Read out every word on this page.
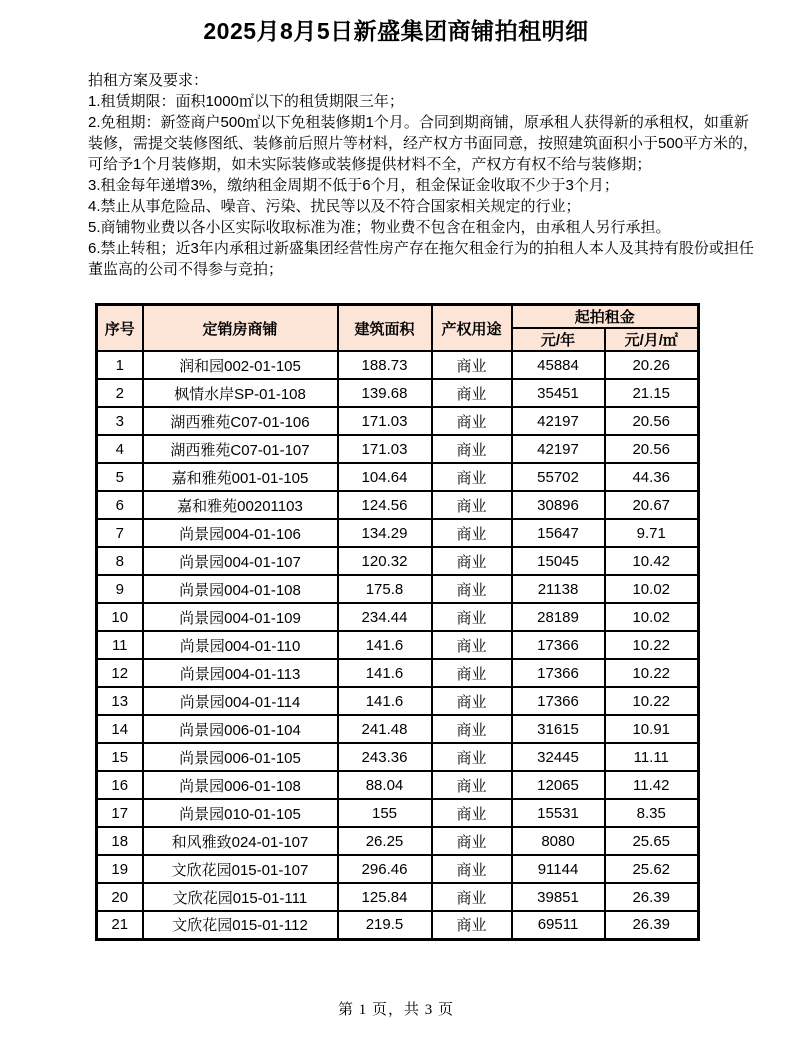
2025月8月5日新盛集团商铺拍租明细
拍租方案及要求：
1.租赁期限：面积1000㎡以下的租赁期限三年；
2.免租期：新签商户500㎡以下免租装修期1个月。合同到期商铺，原承租人获得新的承租权，如重新
装修，需提交装修图纸、装修前后照片等材料，经产权方书面同意，按照建筑面积小于500平方米的，
可给予1个月装修期，如未实际装修或装修提供材料不全，产权方有权不给与装修期；
3.租金每年递增3%，缴纳租金周期不低于6个月，租金保证金收取不少于3个月；
4.禁止从事危险品、噪音、污染、扰民等以及不符合国家相关规定的行业；
5.商铺物业费以各小区实际收取标准为准；物业费不包含在租金内，由承租人另行承担。
6.禁止转租；近3年内承租过新盛集团经营性房产存在拖欠租金行为的拍租人本人及其持有股份或担任
董监高的公司不得参与竞拍；
序号	定销房商铺	建筑面积	产权用途	起拍租金	
				元/年	元/月/㎡
1	润和园002-01-105	188.73	商业	45884	20.26
2	枫情水岸SP-01-108	139.68	商业	35451	21.15
3	湖西雅苑C07-01-106	171.03	商业	42197	20.56
4	湖西雅苑C07-01-107	171.03	商业	42197	20.56
5	嘉和雅苑001-01-105	104.64	商业	55702	44.36
6	嘉和雅苑00201103	124.56	商业	30896	20.67
7	尚景园004-01-106	134.29	商业	15647	9.71
8	尚景园004-01-107	120.32	商业	15045	10.42
9	尚景园004-01-108	175.8	商业	21138	10.02
10	尚景园004-01-109	234.44	商业	28189	10.02
11	尚景园004-01-110	141.6	商业	17366	10.22
12	尚景园004-01-113	141.6	商业	17366	10.22
13	尚景园004-01-114	141.6	商业	17366	10.22
14	尚景园006-01-104	241.48	商业	31615	10.91
15	尚景园006-01-105	243.36	商业	32445	11.11
16	尚景园006-01-108	88.04	商业	12065	11.42
17	尚景园010-01-105	155	商业	15531	8.35
18	和风雅致024-01-107	26.25	商业	8080	25.65
19	文欣花园015-01-107	296.46	商业	91144	25.62
20	文欣花园015-01-111	125.84	商业	39851	26.39
21	文欣花园015-01-112	219.5	商业	69511	26.39
第 1 页，共 3 页
